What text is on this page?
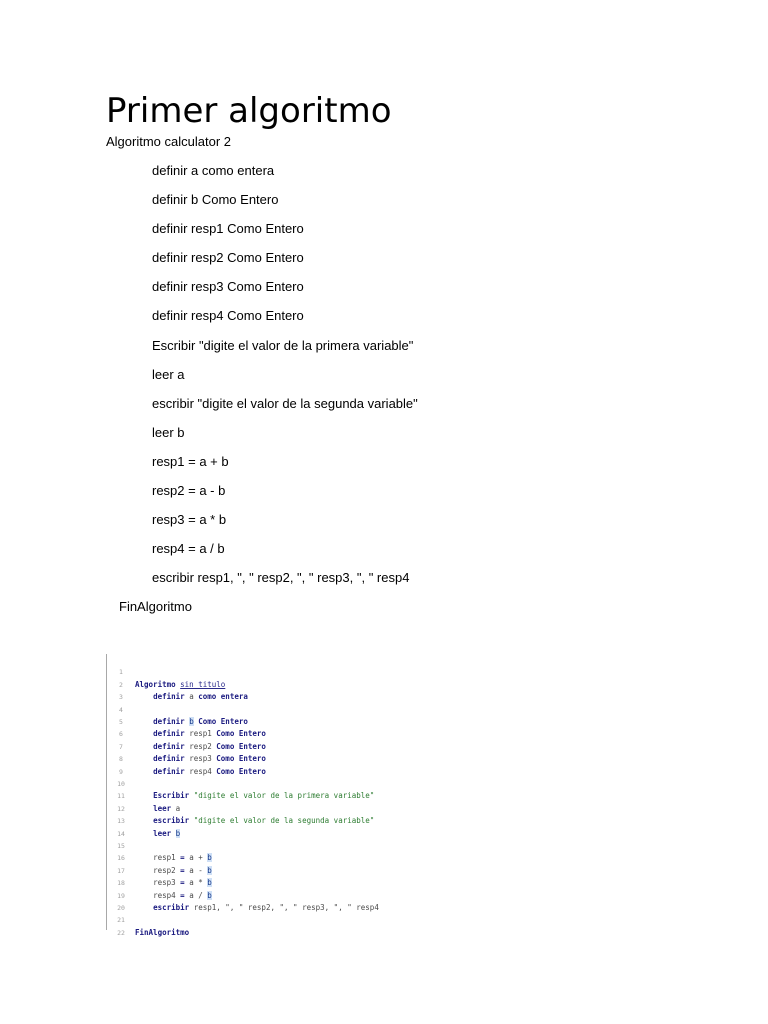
Primer algoritmo
Algoritmo calculator 2
definir a como entera
definir b Como Entero
definir resp1 Como Entero
definir resp2 Como Entero
definir resp3 Como Entero
definir resp4 Como Entero
Escribir "digite el valor de la primera variable"
leer a
escribir "digite el valor de la segunda variable"
leer b
resp1 = a + b
resp2 = a - b
resp3 = a * b
resp4 = a / b
escribir resp1, ", " resp2, ", " resp3, ", " resp4
FinAlgoritmo

1

Algoritmo sin_titulo

2

definir a como entera

3

4

definir b Como Entero

5

definir resp1 Como Entero

6

definir resp2 Como Entero

7

definir resp3 Como Entero

8

definir resp4 Como Entero

9

10

Escribir "digite el valor de la primera variable"

11

leer a

12

escribir "digite el valor de la segunda variable"

13

leer b

14

15

resp1 = a + b

16

resp2 = a - b

17

resp3 = a * b

18

resp4 = a / b

19

escribir resp1, ", " resp2, ", " resp3, ", " resp4

20

21

FinAlgoritmo

22
